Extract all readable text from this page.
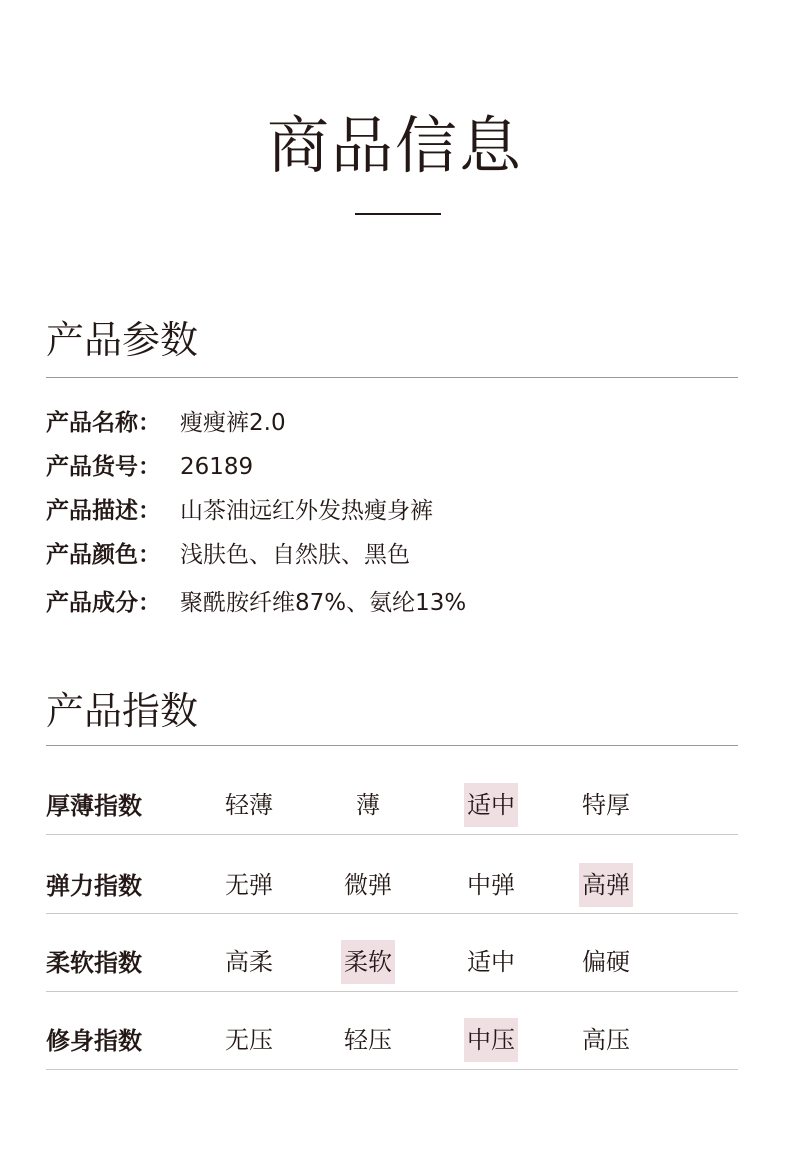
商品信息
产品参数
产品名称： 瘦瘦裤2.0
产品货号： 26189
产品描述： 山茶油远红外发热瘦身裤
产品颜色： 浅肤色、自然肤、黑色
产品成分： 聚酰胺纤维87%、氨纶13%
产品指数
厚薄指数	轻薄	薄	适中	特厚
弹力指数	无弹	微弹	中弹	高弹
柔软指数	高柔	柔软	适中	偏硬
修身指数	无压	轻压	中压	高压
